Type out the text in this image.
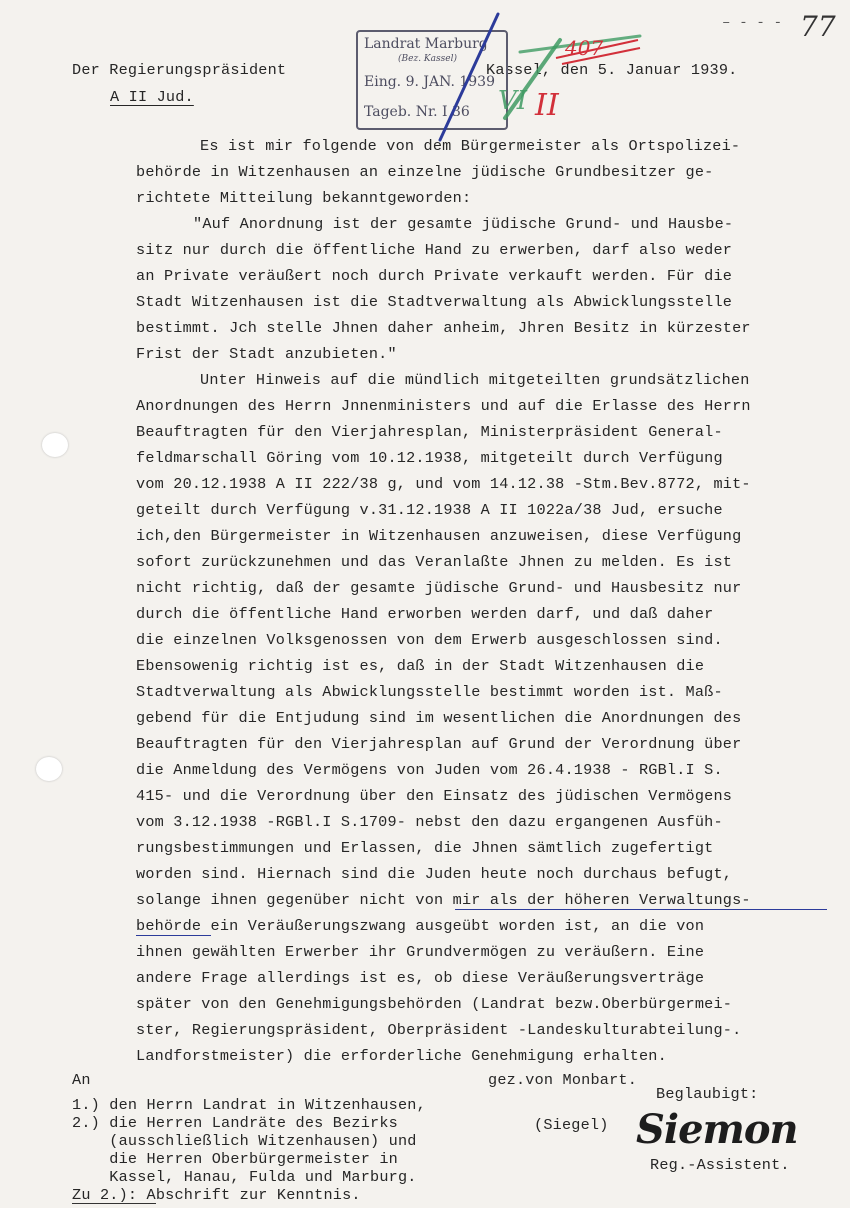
– - - - 77
Der Regierungspräsident
A II Jud.
Kassel, den 5. Januar 1939.
Landrat Marburg
(Bez. Kassel)
Eing. 9. JAN. 1939
Tageb. Nr. I 36
407
II
VI
Es ist mir folgende von dem Bürgermeister als Ortspolizei-
behörde in Witzenhausen an einzelne jüdische Grundbesitzer ge-
richtete Mitteilung bekanntgeworden:
"Auf Anordnung ist der gesamte jüdische Grund- und Hausbe-
sitz nur durch die öffentliche Hand zu erwerben, darf also weder
an Private veräußert noch durch Private verkauft werden. Für die
Stadt Witzenhausen ist die Stadtverwaltung als Abwicklungsstelle
bestimmt. Jch stelle Jhnen daher anheim, Jhren Besitz in kürzester
Frist der Stadt anzubieten."
Unter Hinweis auf die mündlich mitgeteilten grundsätzlichen
Anordnungen des Herrn Jnnenministers und auf die Erlasse des Herrn
Beauftragten für den Vierjahresplan, Ministerpräsident General-
feldmarschall Göring vom 10.12.1938, mitgeteilt durch Verfügung
vom 20.12.1938 A II 222/38 g, und vom 14.12.38 -Stm.Bev.8772, mit-
geteilt durch Verfügung v.31.12.1938 A II 1022a/38 Jud, ersuche
ich,den Bürgermeister in Witzenhausen anzuweisen, diese Verfügung
sofort zurückzunehmen und das Veranlaßte Jhnen zu melden. Es ist
nicht richtig, daß der gesamte jüdische Grund- und Hausbesitz nur
durch die öffentliche Hand erworben werden darf, und daß daher
die einzelnen Volksgenossen von dem Erwerb ausgeschlossen sind.
Ebensowenig richtig ist es, daß in der Stadt Witzenhausen die
Stadtverwaltung als Abwicklungsstelle bestimmt worden ist. Maß-
gebend für die Entjudung sind im wesentlichen die Anordnungen des
Beauftragten für den Vierjahresplan auf Grund der Verordnung über
die Anmeldung des Vermögens von Juden vom 26.4.1938 - RGBl.I S.
415- und die Verordnung über den Einsatz des jüdischen Vermögens
vom 3.12.1938 -RGBl.I S.1709- nebst den dazu ergangenen Ausfüh-
rungsbestimmungen und Erlassen, die Jhnen sämtlich zugefertigt
worden sind. Hiernach sind die Juden heute noch durchaus befugt,
solange ihnen gegenüber nicht von mir als der höheren Verwaltungs-
behörde ein Veräußerungszwang ausgeübt worden ist, an die von
ihnen gewählten Erwerber ihr Grundvermögen zu veräußern. Eine
andere Frage allerdings ist es, ob diese Veräußerungsverträge
später von den Genehmigungsbehörden (Landrat bezw.Oberbürgermei-
ster, Regierungspräsident, Oberpräsident -Landeskulturabteilung-.
Landforstmeister) die erforderliche Genehmigung erhalten.
An	gez.von Monbart.
Beglaubigt:
(Siegel) Siemon
Reg.-Assistent.
1.) den Herrn Landrat in Witzenhausen,
2.) die Herren Landräte des Bezirks
(ausschließlich Witzenhausen) und
die Herren Oberbürgermeister in
Kassel, Hanau, Fulda und Marburg.
Zu 2.): Abschrift zur Kenntnis.
